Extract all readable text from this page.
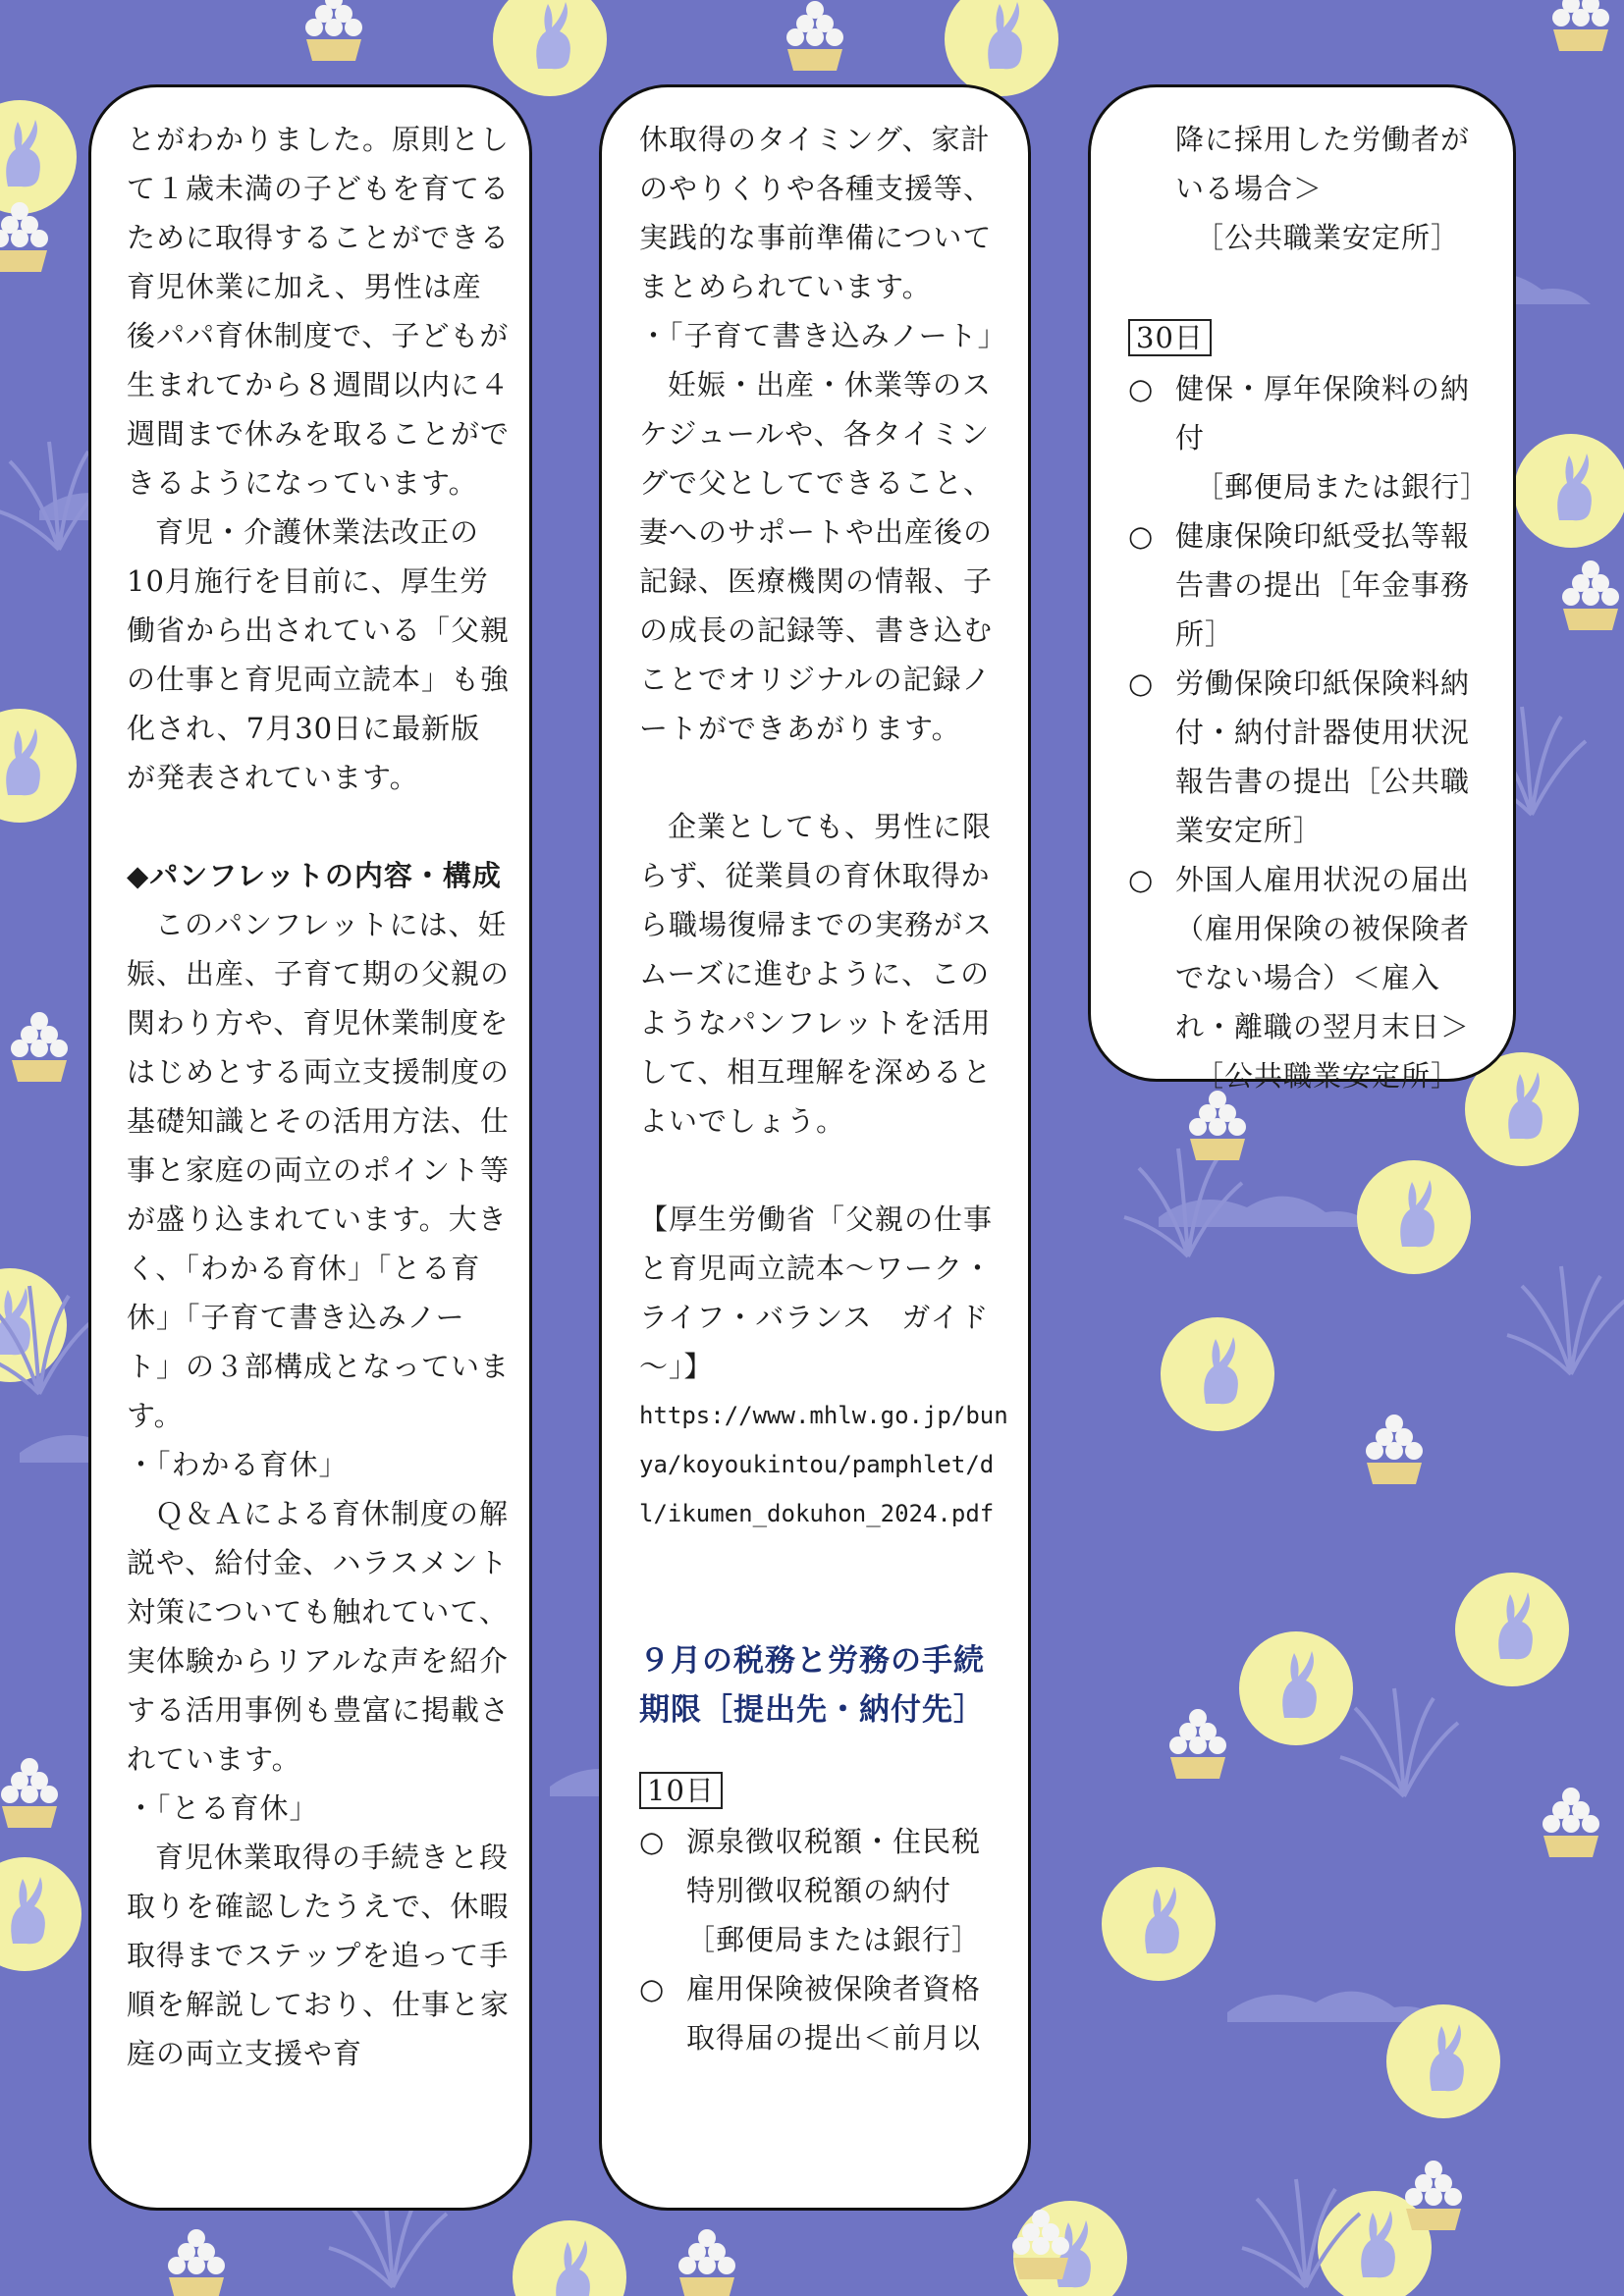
とがわかりました。原則として１歳未満の子どもを育てるために取得することができる育児休業に加え、男性は産後パパ育休制度で、子どもが生まれてから８週間以内に４週間まで休みを取ることができるようになっています。

育児・介護休業法改正の10月施行を目前に、厚生労働省から出されている「父親の仕事と育児両立読本」も強化され、7月30日に最新版が発表されています。

◆パンフレットの内容・構成

このパンフレットには、妊娠、出産、子育て期の父親の関わり方や、育児休業制度をはじめとする両立支援制度の基礎知識とその活用方法、仕事と家庭の両立のポイント等が盛り込まれています。大きく、「わかる育休」「とる育休」「子育て書き込みノート」の３部構成となっています。

・「わかる育休」

Ｑ＆Ａによる育休制度の解説や、給付金、ハラスメント対策についても触れていて、実体験からリアルな声を紹介する活用事例も豊富に掲載されています。

・「とる育休」

育児休業取得の手続きと段取りを確認したうえで、休暇取得までステップを追って手順を解説しており、仕事と家庭の両立支援や育

休取得のタイミング、家計のやりくりや各種支援等、実践的な事前準備についてまとめられています。

・「子育て書き込みノート」

妊娠・出産・休業等のスケジュールや、各タイミングで父としてできること、妻へのサポートや出産後の記録、医療機関の情報、子の成長の記録等、書き込むことでオリジナルの記録ノートができあがります。

企業としても、男性に限らず、従業員の育休取得から職場復帰までの実務がスムーズに進むように、このようなパンフレットを活用して、相互理解を深めるとよいでしょう。

【厚生労働省「父親の仕事と育児両立読本～ワーク・ライフ・バランス　ガイド～」】

https://www.mhlw.go.jp/bunya/koyoukintou/pamphlet/dl/ikumen_dokuhon_2024.pdf

９月の税務と労務の手続期限［提出先・納付先］

10日

○ 源泉徴収税額・住民税特別徴収税額の納付［郵便局または銀行］

○ 雇用保険被保険者資格取得届の提出＜前月以

降に採用した労働者がいる場合＞

［公共職業安定所］

30日

○ 健保・厚年保険料の納付

［郵便局または銀行］

○ 健康保険印紙受払等報告書の提出［年金事務所］

○ 労働保険印紙保険料納付・納付計器使用状況報告書の提出［公共職業安定所］

○ 外国人雇用状況の届出（雇用保険の被保険者でない場合）＜雇入れ・離職の翌月末日＞

［公共職業安定所］
